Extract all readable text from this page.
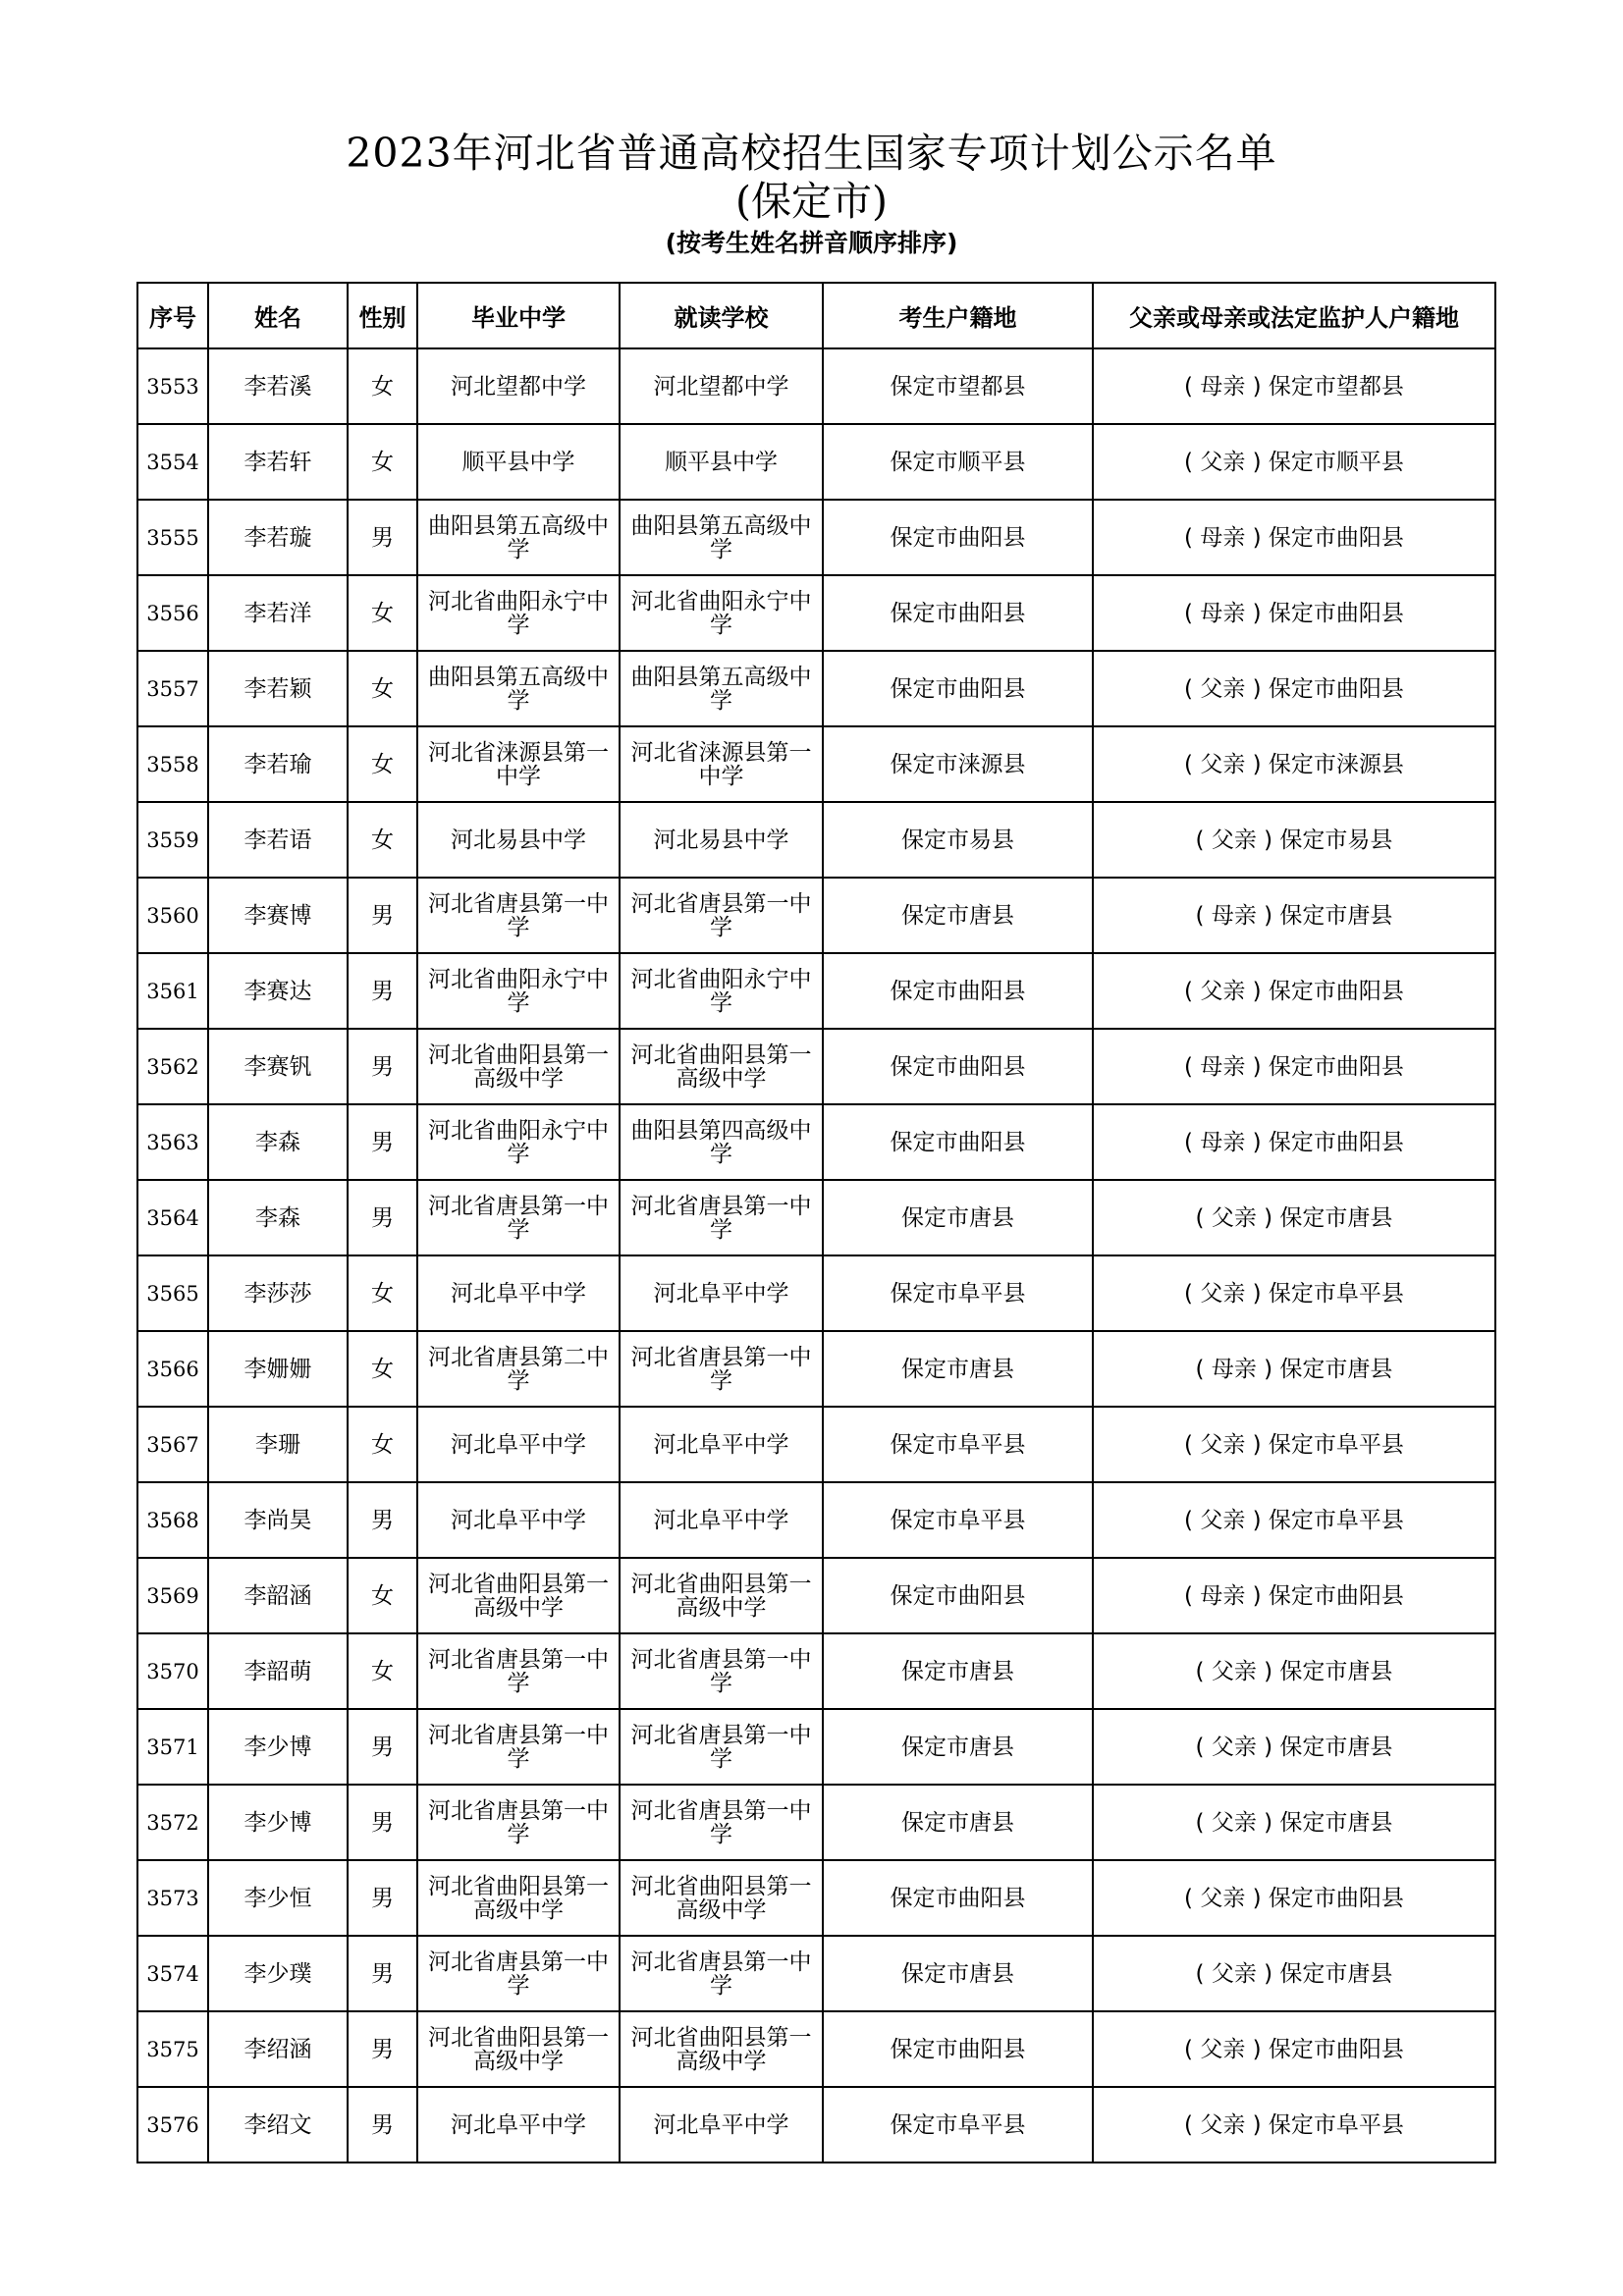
2023年河北省普通高校招生国家专项计划公示名单
(保定市)
(按考生姓名拼音顺序排序)
序号	姓名	性别	毕业中学	就读学校	考生户籍地	父亲或母亲或法定监护人户籍地
3553	李若溪	女	河北望都中学	河北望都中学	保定市望都县	( 母亲 ) 保定市望都县
3554	李若轩	女	顺平县中学	顺平县中学	保定市顺平县	( 父亲 ) 保定市顺平县
3555	李若璇	男	曲阳县第五高级中学	曲阳县第五高级中学	保定市曲阳县	( 母亲 ) 保定市曲阳县
3556	李若洋	女	河北省曲阳永宁中学	河北省曲阳永宁中学	保定市曲阳县	( 母亲 ) 保定市曲阳县
3557	李若颖	女	曲阳县第五高级中学	曲阳县第五高级中学	保定市曲阳县	( 父亲 ) 保定市曲阳县
3558	李若瑜	女	河北省涞源县第一中学	河北省涞源县第一中学	保定市涞源县	( 父亲 ) 保定市涞源县
3559	李若语	女	河北易县中学	河北易县中学	保定市易县	( 父亲 ) 保定市易县
3560	李赛博	男	河北省唐县第一中学	河北省唐县第一中学	保定市唐县	( 母亲 ) 保定市唐县
3561	李赛达	男	河北省曲阳永宁中学	河北省曲阳永宁中学	保定市曲阳县	( 父亲 ) 保定市曲阳县
3562	李赛钒	男	河北省曲阳县第一高级中学	河北省曲阳县第一高级中学	保定市曲阳县	( 母亲 ) 保定市曲阳县
3563	李森	男	河北省曲阳永宁中学	曲阳县第四高级中学	保定市曲阳县	( 母亲 ) 保定市曲阳县
3564	李森	男	河北省唐县第一中学	河北省唐县第一中学	保定市唐县	( 父亲 ) 保定市唐县
3565	李莎莎	女	河北阜平中学	河北阜平中学	保定市阜平县	( 父亲 ) 保定市阜平县
3566	李姗姗	女	河北省唐县第二中学	河北省唐县第一中学	保定市唐县	( 母亲 ) 保定市唐县
3567	李珊	女	河北阜平中学	河北阜平中学	保定市阜平县	( 父亲 ) 保定市阜平县
3568	李尚昊	男	河北阜平中学	河北阜平中学	保定市阜平县	( 父亲 ) 保定市阜平县
3569	李韶涵	女	河北省曲阳县第一高级中学	河北省曲阳县第一高级中学	保定市曲阳县	( 母亲 ) 保定市曲阳县
3570	李韶萌	女	河北省唐县第一中学	河北省唐县第一中学	保定市唐县	( 父亲 ) 保定市唐县
3571	李少博	男	河北省唐县第一中学	河北省唐县第一中学	保定市唐县	( 父亲 ) 保定市唐县
3572	李少博	男	河北省唐县第一中学	河北省唐县第一中学	保定市唐县	( 父亲 ) 保定市唐县
3573	李少恒	男	河北省曲阳县第一高级中学	河北省曲阳县第一高级中学	保定市曲阳县	( 父亲 ) 保定市曲阳县
3574	李少璞	男	河北省唐县第一中学	河北省唐县第一中学	保定市唐县	( 父亲 ) 保定市唐县
3575	李绍涵	男	河北省曲阳县第一高级中学	河北省曲阳县第一高级中学	保定市曲阳县	( 父亲 ) 保定市曲阳县
3576	李绍文	男	河北阜平中学	河北阜平中学	保定市阜平县	( 父亲 ) 保定市阜平县
